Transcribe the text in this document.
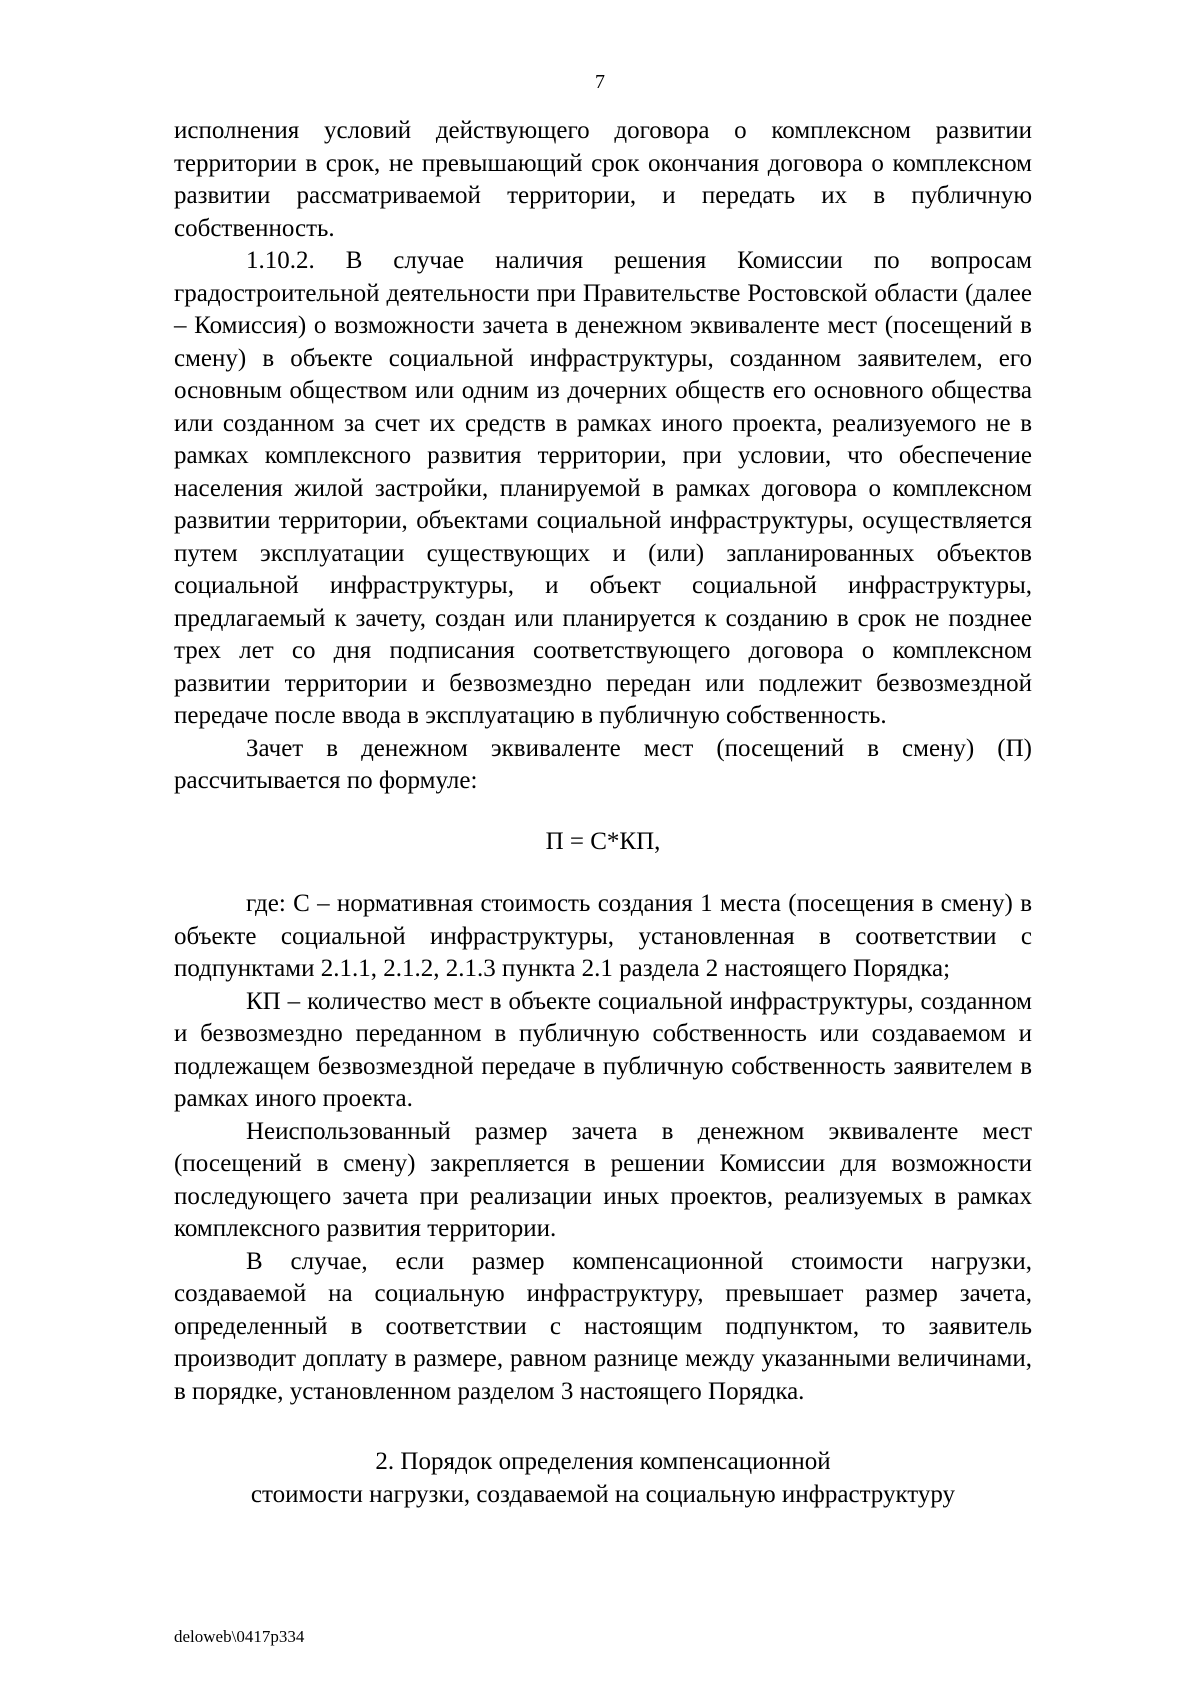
7

исполнения условий действующего договора о комплексном развитии территории в срок, не превышающий срок окончания договора о комплексном развитии рассматриваемой территории, и передать их в публичную собственность.

1.10.2. В случае наличия решения Комиссии по вопросам градостроительной деятельности при Правительстве Ростовской области (далее – Комиссия) о возможности зачета в денежном эквиваленте мест (посещений в смену) в объекте социальной инфраструктуры, созданном заявителем, его основным обществом или одним из дочерних обществ его основного общества или созданном за счет их средств в рамках иного проекта, реализуемого не в рамках комплексного развития территории, при условии, что обеспечение населения жилой застройки, планируемой в рамках договора о комплексном развитии территории, объектами социальной инфраструктуры, осуществляется путем эксплуатации существующих и (или) запланированных объектов социальной инфраструктуры, и объект социальной инфраструктуры, предлагаемый к зачету, создан или планируется к созданию в срок не позднее трех лет со дня подписания соответствующего договора о комплексном развитии территории и безвозмездно передан или подлежит безвозмездной передаче после ввода в эксплуатацию в публичную собственность.

Зачет в денежном эквиваленте мест (посещений в смену) (П) рассчитывается по формуле:

П = С*КП,

где: С – нормативная стоимость создания 1 места (посещения в смену) в объекте социальной инфраструктуры, установленная в соответствии с подпунктами 2.1.1, 2.1.2, 2.1.3 пункта 2.1 раздела 2 настоящего Порядка;

КП – количество мест в объекте социальной инфраструктуры, созданном и безвозмездно переданном в публичную собственность или создаваемом и подлежащем безвозмездной передаче в публичную собственность заявителем в рамках иного проекта.

Неиспользованный размер зачета в денежном эквиваленте мест (посещений в смену) закрепляется в решении Комиссии для возможности последующего зачета при реализации иных проектов, реализуемых в рамках комплексного развития территории.

В случае, если размер компенсационной стоимости нагрузки, создаваемой на социальную инфраструктуру, превышает размер зачета, определенный в соответствии с настоящим подпунктом, то заявитель производит доплату в размере, равном разнице между указанными величинами, в порядке, установленном разделом 3 настоящего Порядка.

2. Порядок определения компенсационной
стоимости нагрузки, создаваемой на социальную инфраструктуру

deloweb\0417p334
